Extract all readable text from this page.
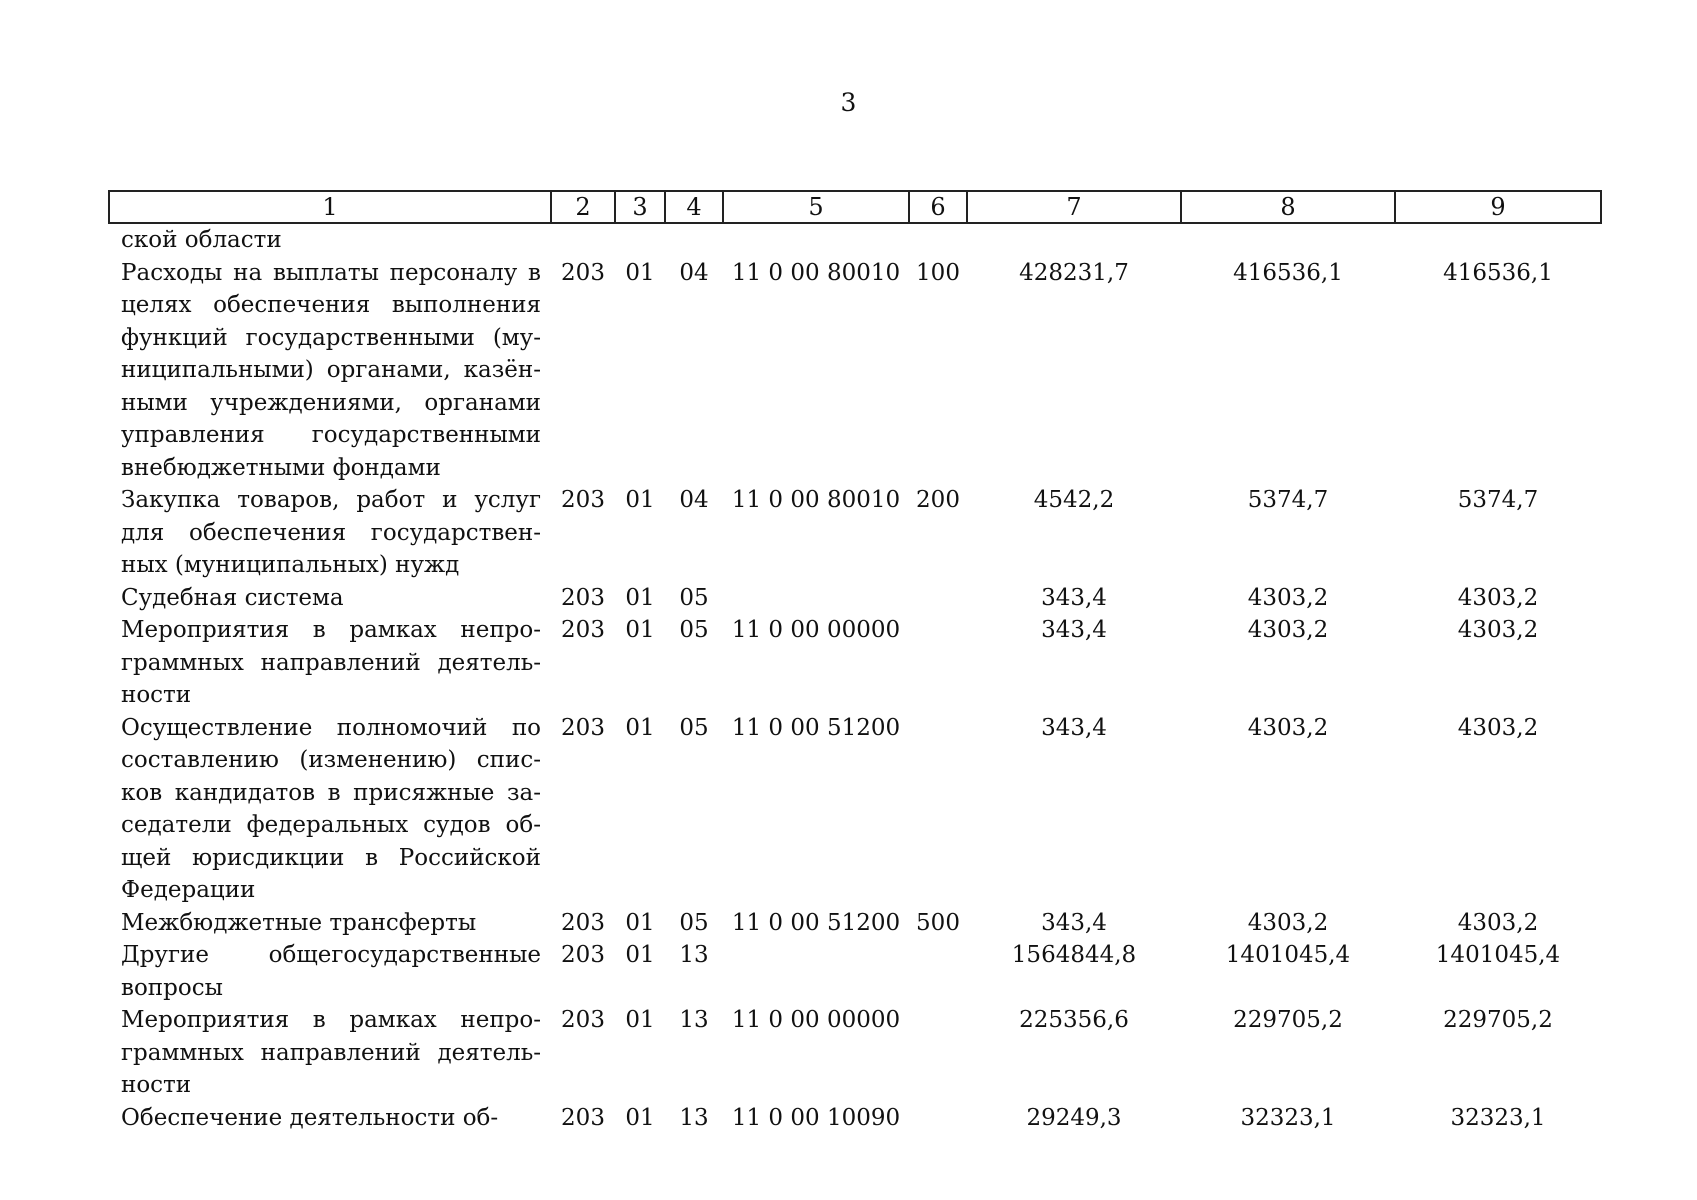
3
1	2	3	4	5	6	7	8	9
ской области								
Расходы на выплаты персоналу в целях обеспечения выполнения функций государственными (муниципальными) органами, казёнными учреждениями, органами управления государственными внебюджетными фондами	203	01	04	11 0 00 80010	100	428231,7	416536,1	416536,1
Закупка товаров, работ и услуг для обеспечения государственных (муниципальных) нужд	203	01	04	11 0 00 80010	200	4542,2	5374,7	5374,7
Судебная система	203	01	05			343,4	4303,2	4303,2
Мероприятия в рамках непрограммных направлений деятельности	203	01	05	11 0 00 00000		343,4	4303,2	4303,2
Осуществление полномочий по составлению (изменению) списков кандидатов в присяжные заседатели федеральных судов общей юрисдикции в Российской Федерации	203	01	05	11 0 00 51200		343,4	4303,2	4303,2
Межбюджетные трансферты	203	01	05	11 0 00 51200	500	343,4	4303,2	4303,2
Другие общегосударственные вопросы	203	01	13			1564844,8	1401045,4	1401045,4
Мероприятия в рамках непрограммных направлений деятельности	203	01	13	11 0 00 00000		225356,6	229705,2	229705,2
Обеспечение деятельности об-	203	01	13	11 0 00 10090		29249,3	32323,1	32323,1
